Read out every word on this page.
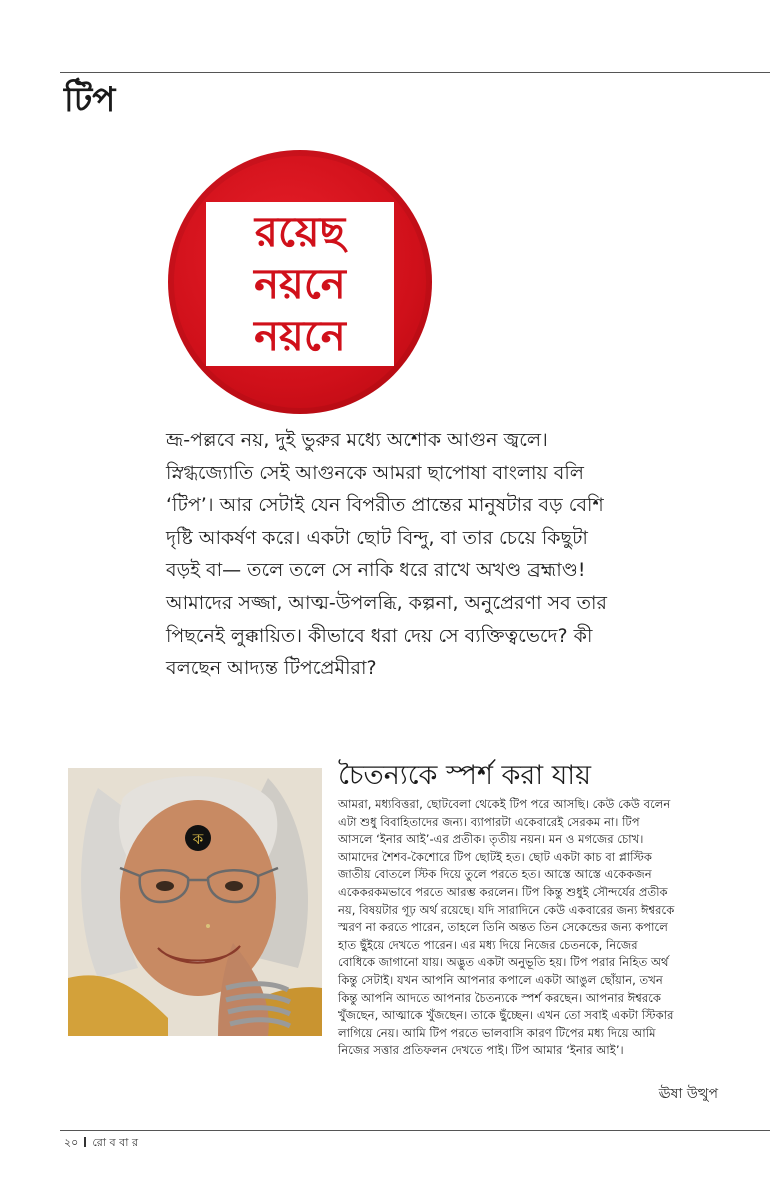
টিপ
রয়েছ
নয়নে
নয়নে
ভ্রূ-পল্লবে নয়, দুই ভুরুর মধ্যে অশোক আগুন জ্বলে।
স্নিগ্ধজ্যোতি সেই আগুনকে আমরা ছাপোষা বাংলায় বলি
‘টিপ’। আর সেটাই যেন বিপরীত প্রান্তের মানুষটার বড় বেশি
দৃষ্টি আকর্ষণ করে। একটা ছোট বিন্দু, বা তার চেয়ে কিছুটা
বড়ই বা— তলে তলে সে নাকি ধরে রাখে অখণ্ড ব্রহ্মাণ্ড!
আমাদের সজ্জা, আত্ম-উপলব্ধি, কল্পনা, অনুপ্রেরণা সব তার
পিছনেই লুক্কায়িত। কীভাবে ধরা দেয় সে ব্যক্তিত্বভেদে? কী
বলছেন আদ্যন্ত টিপপ্রেমীরা?
ক
চৈতন্যকে স্পর্শ করা যায়
আমরা, মধ্যবিত্তরা, ছোটবেলা থেকেই টিপ পরে আসছি। কেউ কেউ বলেন
এটা শুধু বিবাহিতাদের জন্য। ব্যাপারটা একেবারেই সেরকম না। টিপ
আসলে ‘ইনার আই’-এর প্রতীক। তৃতীয় নয়ন। মন ও মগজের চোখ।
আমাদের শৈশব-কৈশোরে টিপ ছোটই হত। ছোট একটা কাচ বা প্লাস্টিক
জাতীয় বোতলে স্টিক দিয়ে তুলে পরতে হত। আস্তে আস্তে একেকজন
একেকরকমভাবে পরতে আরম্ভ করলেন। টিপ কিন্তু শুধুই সৌন্দর্যের প্রতীক
নয়, বিষয়টার গূঢ় অর্থ রয়েছে। যদি সারাদিনে কেউ একবারের জন্য ঈশ্বরকে
স্মরণ না করতে পারেন, তাহলে তিনি অন্তত তিন সেকেন্ডের জন্য কপালে
হাত ছুঁইয়ে দেখতে পারেন। এর মধ্য দিয়ে নিজের চেতনকে, নিজের
বোধিকে জাগানো যায়। অদ্ভুত একটা অনুভূতি হয়। টিপ পরার নিহিত অর্থ
কিন্তু সেটাই। যখন আপনি আপনার কপালে একটা আঙুল ছোঁয়ান, তখন
কিন্তু আপনি আদতে আপনার চৈতন্যকে স্পর্শ করছেন। আপনার ঈশ্বরকে
খুঁজছেন, আত্মাকে খুঁজছেন। তাকে ছুঁচ্ছেন। এখন তো সবাই একটা স্টিকার
লাগিয়ে নেয়। আমি টিপ পরতে ভালবাসি কারণ টিপের মধ্য দিয়ে আমি
নিজের সত্তার প্রতিফলন দেখতে পাই। টিপ আমার ‘ইনার আই’।
ঊষা উত্থুপ
২০ রো ব বা র
